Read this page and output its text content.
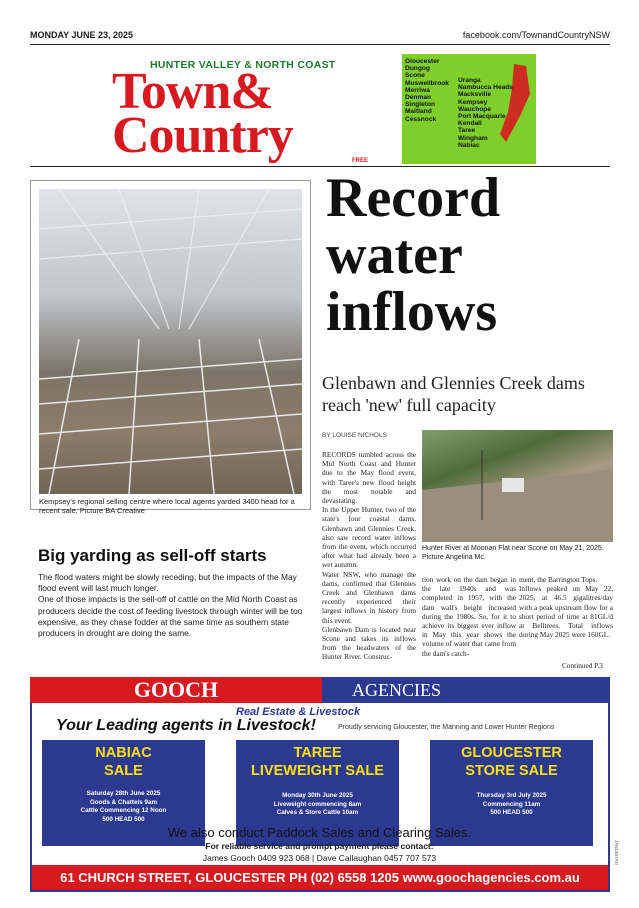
MONDAY JUNE 23, 2025	facebook.com/TownandCountryNSW
HUNTER VALLEY & NORTH COAST
Town&
Country	FREE
Gloucester
Dungog
Scone
Muswellbrook
Merriwa
Denman
Singleton
Maitland
Cessnock
Uranga
Nambucca Heads
Macksville
Kempsey
Wauchope
Port Macquarie
Kendall
Taree
Wingham
Nabiac
Kempsey's regional selling centre where local agents yarded 3400 head for a recent sale. Picture BA Creative
Big yarding as sell-off starts

The flood waters might be slowly receding, but the impacts of the May flood event will last much longer.

One of those impacts is the sell-off of cattle on the Mid North Coast as producers decide the cost of feeding livestock through winter will be too expensive, as they chase fodder at the same time as southern state producers in drought are doing the same.

Record
water
inflows
Glenbawn and Glennies Creek dams reach 'new' full capacity
BY LOUISE NICHOLS
RECORDS tumbled across the Mid North Coast and Hunter due to the May flood event, with Taree's new flood height the most notable and devastating.
In the Upper Hunter, two of the state's four coastal dams, Glenbawn and Glennies Creek, also saw record water inflows from the event, which occurred after what had already been a wet autumn.
Water NSW, who manage the dams, confirmed that Glennies Creek and Glenbawn dams recently experienced their largest inflows in history from this event.
Glenbawn Dam is located near Scone and takes its inflows from the headwaters of the Hunter River. Construc-
Hunter River at Moonan Flat near Scone on May 21, 2025. Picture Angelina Mc.
tion work on the dam began in the late 1940s and was completed in 1957, with the dam wall's height increased during the 1980s. So, for it to achieve its biggest ever inflow in May this year shows the volume of water that came from the dam's catch-
ment, the Barrington Tops.
Inflows peaked on May 22, 2025, at 46.5 gigalitres/day with a peak upstream flow for a short period of time at 81GL/d at Belltrees. Total inflows during May 2025 were 160GL.
Continued P.3
GOOCH	AGENCIES
Real Estate & Livestock
Your Leading agents in Livestock!	Proudly servicing Gloucester, the Manning and Lower Hunter Regions
NABIAC
SALE
Saturday 28th June 2025
Goods & Chattels 9am
Cattle Commencing 12 Noon
500 HEAD 500
TAREE
LIVEWEIGHT SALE
Monday 30th June 2025
Liveweight commencing 8am
Calves & Store Cattle 10am
GLOUCESTER
STORE SALE
Thursday 3rd July 2025
Commencing 11am
500 HEAD 500
We also conduct Paddock Sales and Clearing Sales.
For reliable service and prompt payment please contact:
James Gooch 0409 923 068 | Dave Callaughan 0457 707 573
61 CHURCH STREET, GLOUCESTER PH (02) 6558 1205 www.goochagencies.com.au
JAN1407AN
